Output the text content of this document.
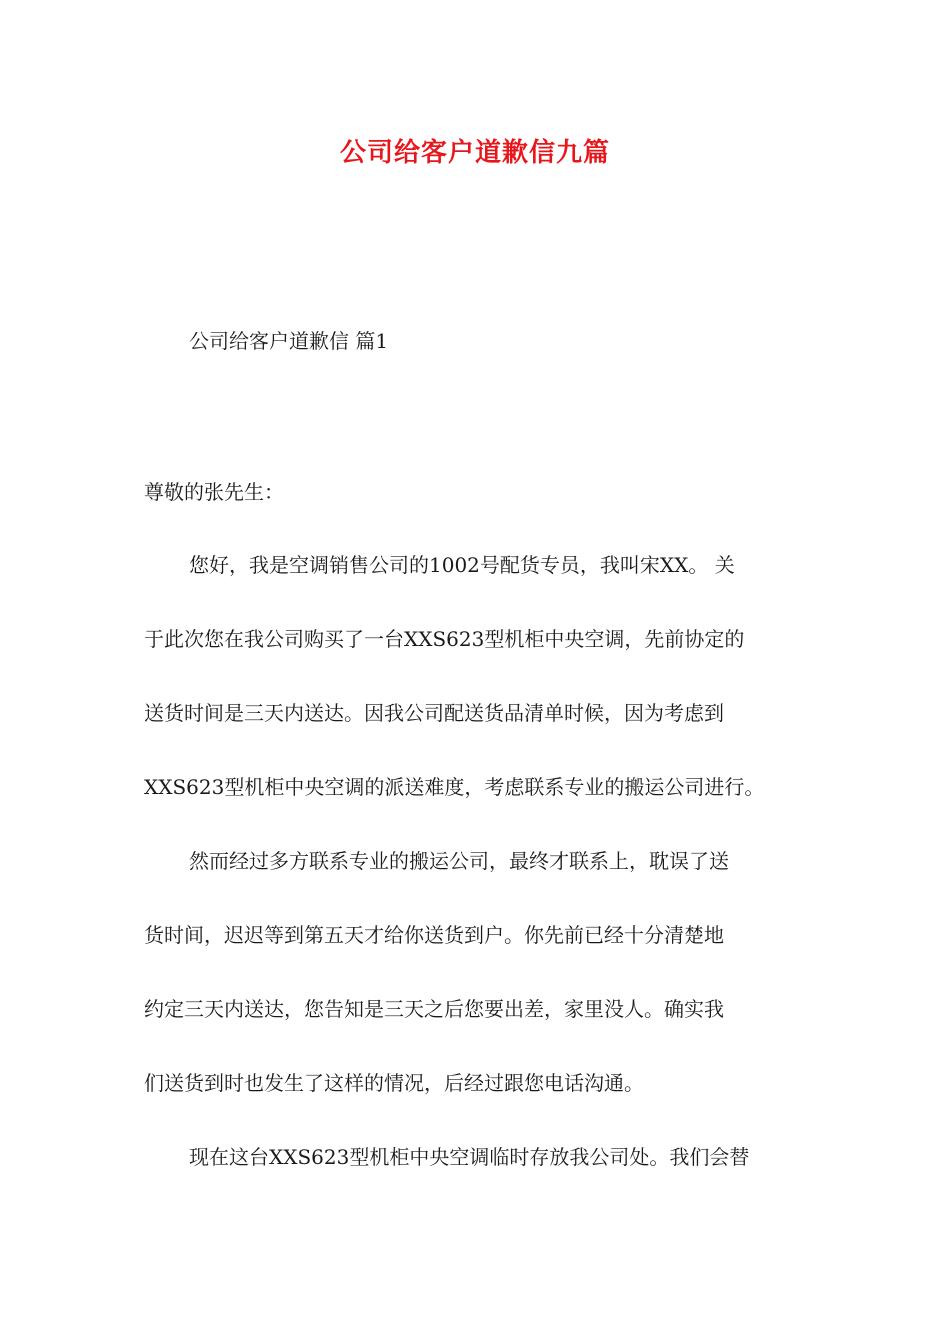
公司给客户道歉信九篇

公司给客户道歉信 篇1

尊敬的张先生：

您好，我是空调销售公司的1002号配货专员，我叫宋XX。 关

于此次您在我公司购买了一台XXS623型机柜中央空调，先前协定的

送货时间是三天内送达。因我公司配送货品清单时候，因为考虑到

XXS623型机柜中央空调的派送难度，考虑联系专业的搬运公司进行。

然而经过多方联系专业的搬运公司，最终才联系上，耽误了送

货时间，迟迟等到第五天才给你送货到户。你先前已经十分清楚地

约定三天内送达，您告知是三天之后您要出差，家里没人。确实我

们送货到时也发生了这样的情况，后经过跟您电话沟通。

现在这台XXS623型机柜中央空调临时存放我公司处。我们会替
